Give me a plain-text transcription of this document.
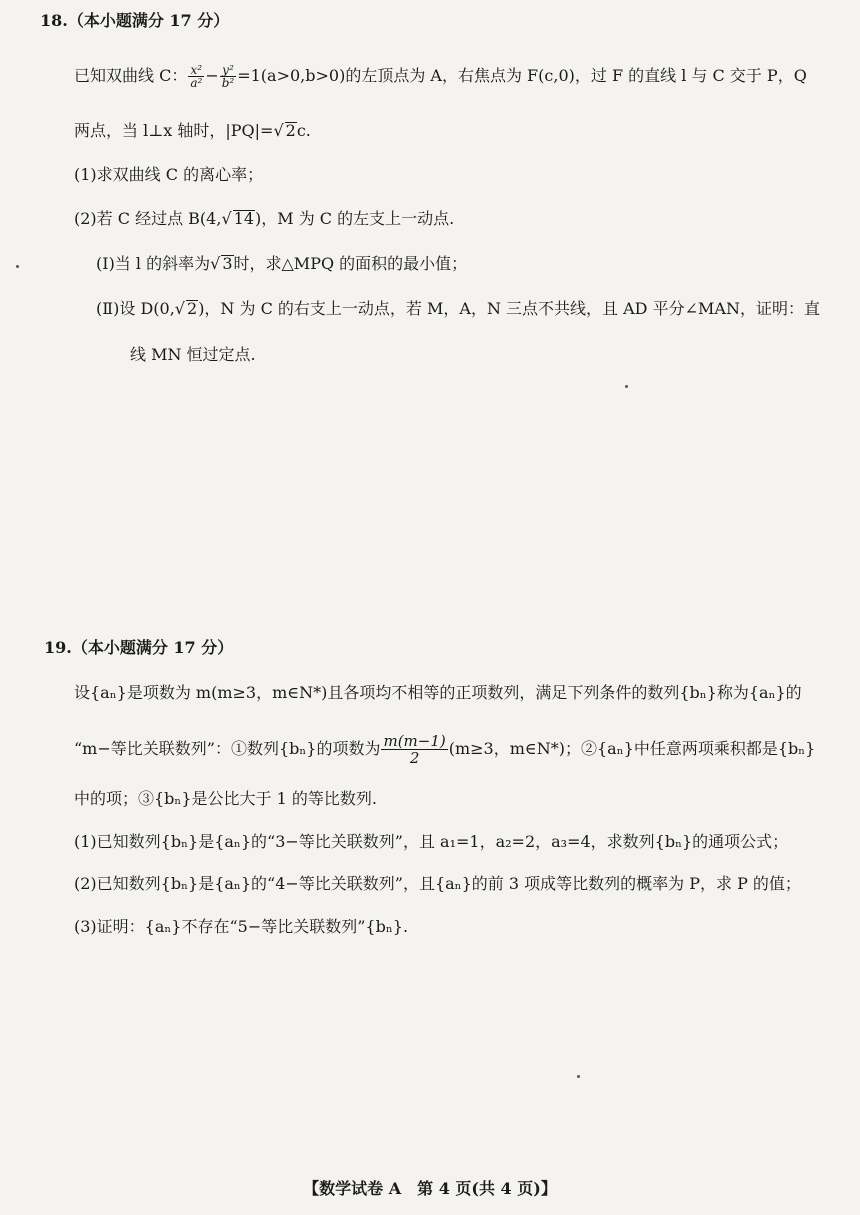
18.（本小题满分 17 分）
已知双曲线 C： $\frac{\text{x²}}{\text{a²}} - \frac{\text{y²}}{\text{b²}} =1(a>0,b>0)$的左顶点为 A，右焦点为 F(c,0)，过 F 的直线 l 与 C 交于 P，Q
两点，当 l⊥x 轴时，|PQ|=√ 2c.
(1)求双曲线 C 的离心率；
(2)若 C 经过点 B(4,√ 14)，M 为 C 的左支上一动点.
(Ⅰ)当 l 的斜率为√ 3时，求△MPQ 的面积的最小值；
(Ⅱ)设 D(0,√ 2)，N 为 C 的右支上一动点，若 M，A，N 三点不共线，且 AD 平分∠MAN，证明：直
线 MN 恒过定点.
19.（本小题满分 17 分）
设{aₙ}是项数为 m(m≥3，m∈N*)且各项均不相等的正项数列，满足下列条件的数列{bₙ}称为{aₙ}的
“m−等比关联数列”：①数列{bₙ}的项数为 $\frac{m(m-1)}{2} (m\ge 3$，m∈N*)；②{aₙ}中任意两项乘积都是{bₙ}
中的项；③{bₙ}是公比大于 1 的等比数列.
(1)已知数列{bₙ}是{aₙ}的“3−等比关联数列”，且 a₁=1，a₂=2，a₃=4，求数列{bₙ}的通项公式；
(2)已知数列{bₙ}是{aₙ}的“4−等比关联数列”，且{aₙ}的前 3 项成等比数列的概率为 P，求 P 的值；
(3)证明：{aₙ}不存在“5−等比关联数列”{bₙ}.
【数学试卷 A　第 4 页(共 4 页)】
